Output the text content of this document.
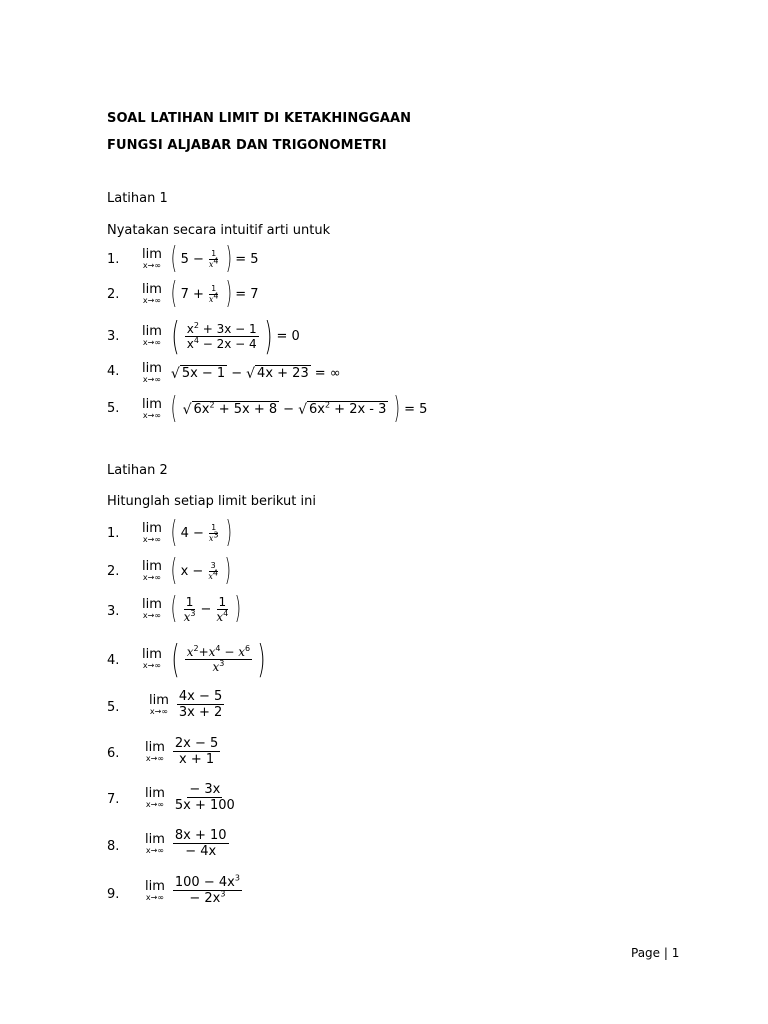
SOAL LATIHAN LIMIT DI KETAKHINGGAAN
FUNGSI ALJABAR DAN TRIGONOMETRI
Latihan 1
Nyatakan secara intuitif arti untuk
1. lim
x→∞ ( $5 - \frac{1}{x^4}$ ) = 5
2. lim
x→∞ ( $7 + \frac{1}{x^4}$ ) = 7
3. lim
x→∞ ( $\frac{x^2 + 3x - 1}{x^4 - 2x - 4}$ ) = 0
4. lim
x→∞ √ 5x − 1 − √ 4x + 23 = ∞
5. lim
x→∞ ( √ $6x^2 + 5x + 8$ − √ $6x^2 + 2x - 3$ ) = 5
Latihan 2
Hitunglah setiap limit berikut ini
1. lim
x→∞ ( $4 - \frac{1}{x^3}$ )
2. lim
x→∞ ( $x - \frac{3}{x^4}$ )
3. lim
x→∞ ( $\frac{1}{x^3} - \frac{1}{x^4}$ )
4. lim
x→∞ ( $\frac{x^2+x^4 - x^6}{x^3}$ )
5. lim
$x\to\infty \frac{4x - 5}{3x + 2}$
6. lim
$x\to\infty \frac{2x - 5}{x + 1}$
7. lim
$x\to\infty \frac{- 3x}{5x + 100}$
8. lim
$x\to\infty \frac{8x + 10}{- 4x}$
9.
lim
$x\to\infty \frac{100 - 4x^3}{- 2x^3}$
Page | 1
